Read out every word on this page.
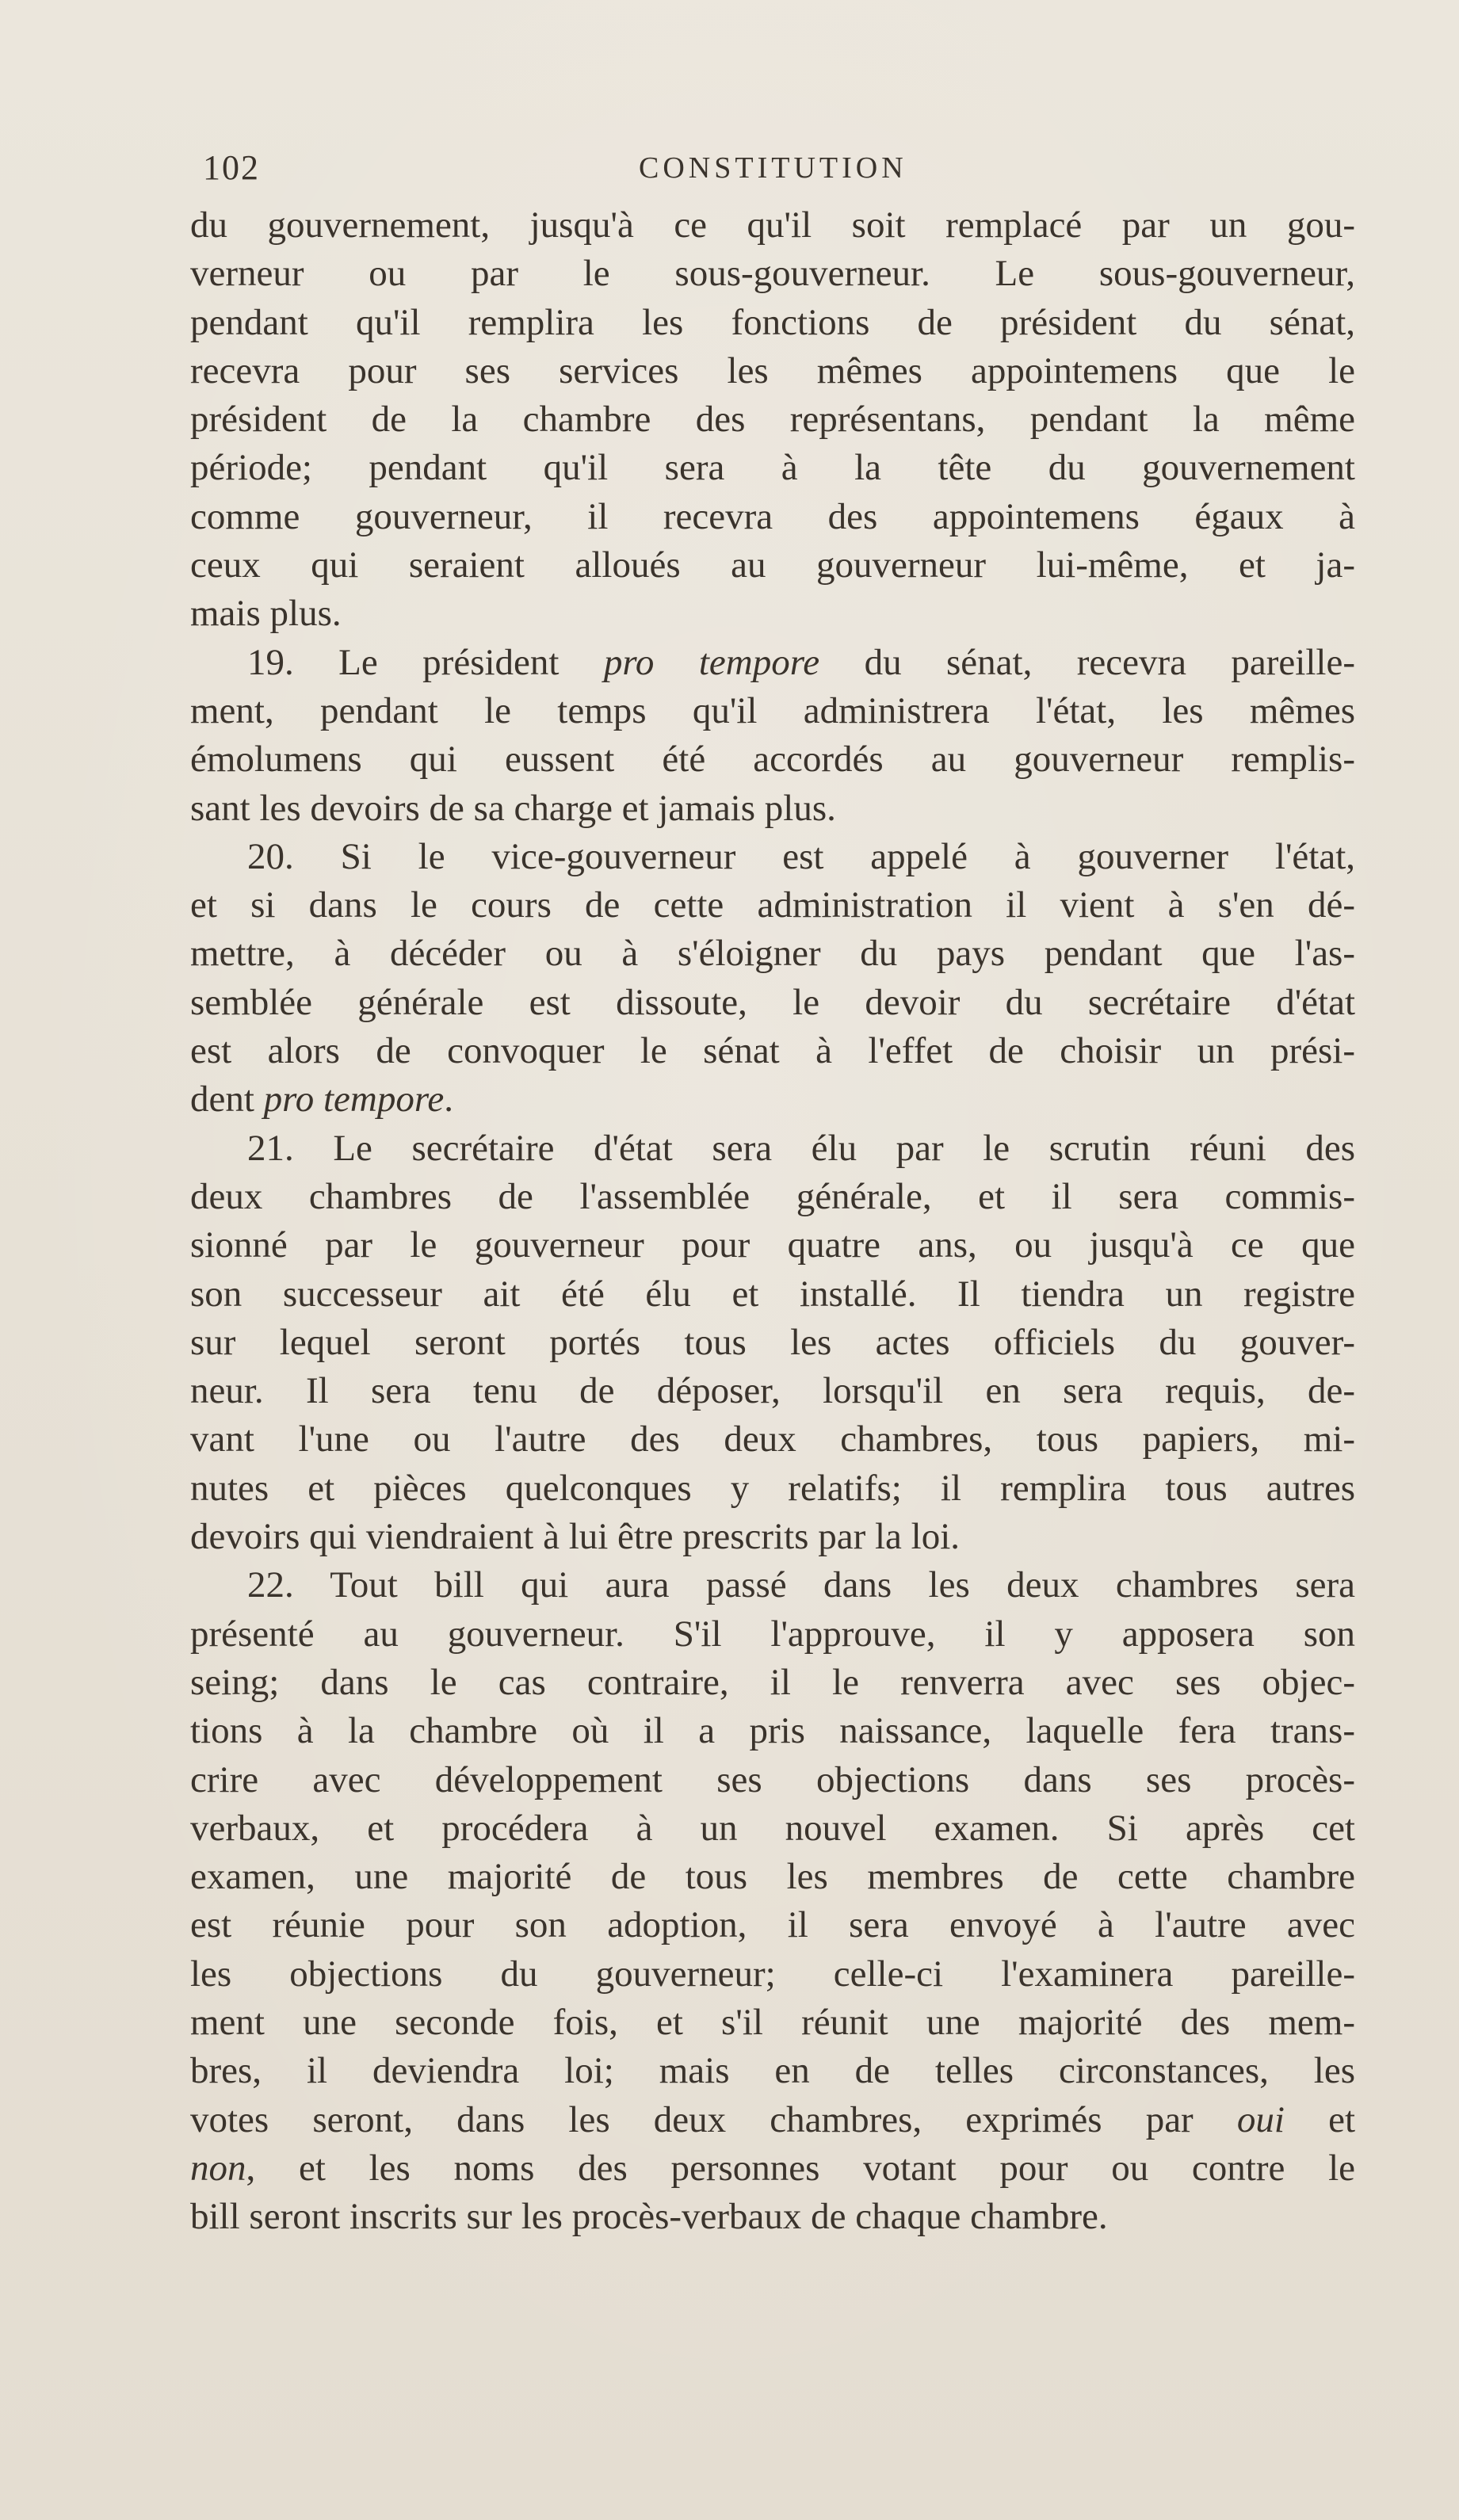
102	CONSTITUTION
du gouvernement, jusqu'à ce qu'il soit remplacé par un gou-
verneur ou par le sous-gouverneur. Le sous-gouverneur,
pendant qu'il remplira les fonctions de président du sénat,
recevra pour ses services les mêmes appointemens que le
président de la chambre des représentans, pendant la même
période; pendant qu'il sera à la tête du gouvernement
comme gouverneur, il recevra des appointemens égaux à
ceux qui seraient alloués au gouverneur lui-même, et ja-
mais plus.
19. Le président pro tempore du sénat, recevra pareille-
ment, pendant le temps qu'il administrera l'état, les mêmes
émolumens qui eussent été accordés au gouverneur remplis-
sant les devoirs de sa charge et jamais plus.
20. Si le vice-gouverneur est appelé à gouverner l'état,
et si dans le cours de cette administration il vient à s'en dé-
mettre, à décéder ou à s'éloigner du pays pendant que l'as-
semblée générale est dissoute, le devoir du secrétaire d'état
est alors de convoquer le sénat à l'effet de choisir un prési-
dent pro tempore.
21. Le secrétaire d'état sera élu par le scrutin réuni des
deux chambres de l'assemblée générale, et il sera commis-
sionné par le gouverneur pour quatre ans, ou jusqu'à ce que
son successeur ait été élu et installé. Il tiendra un registre
sur lequel seront portés tous les actes officiels du gouver-
neur. Il sera tenu de déposer, lorsqu'il en sera requis, de-
vant l'une ou l'autre des deux chambres, tous papiers, mi-
nutes et pièces quelconques y relatifs; il remplira tous autres
devoirs qui viendraient à lui être prescrits par la loi.
22. Tout bill qui aura passé dans les deux chambres sera
présenté au gouverneur. S'il l'approuve, il y apposera son
seing; dans le cas contraire, il le renverra avec ses objec-
tions à la chambre où il a pris naissance, laquelle fera trans-
crire avec développement ses objections dans ses procès-
verbaux, et procédera à un nouvel examen. Si après cet
examen, une majorité de tous les membres de cette chambre
est réunie pour son adoption, il sera envoyé à l'autre avec
les objections du gouverneur; celle-ci l'examinera pareille-
ment une seconde fois, et s'il réunit une majorité des mem-
bres, il deviendra loi; mais en de telles circonstances, les
votes seront, dans les deux chambres, exprimés par oui et
non, et les noms des personnes votant pour ou contre le
bill seront inscrits sur les procès-verbaux de chaque chambre.
